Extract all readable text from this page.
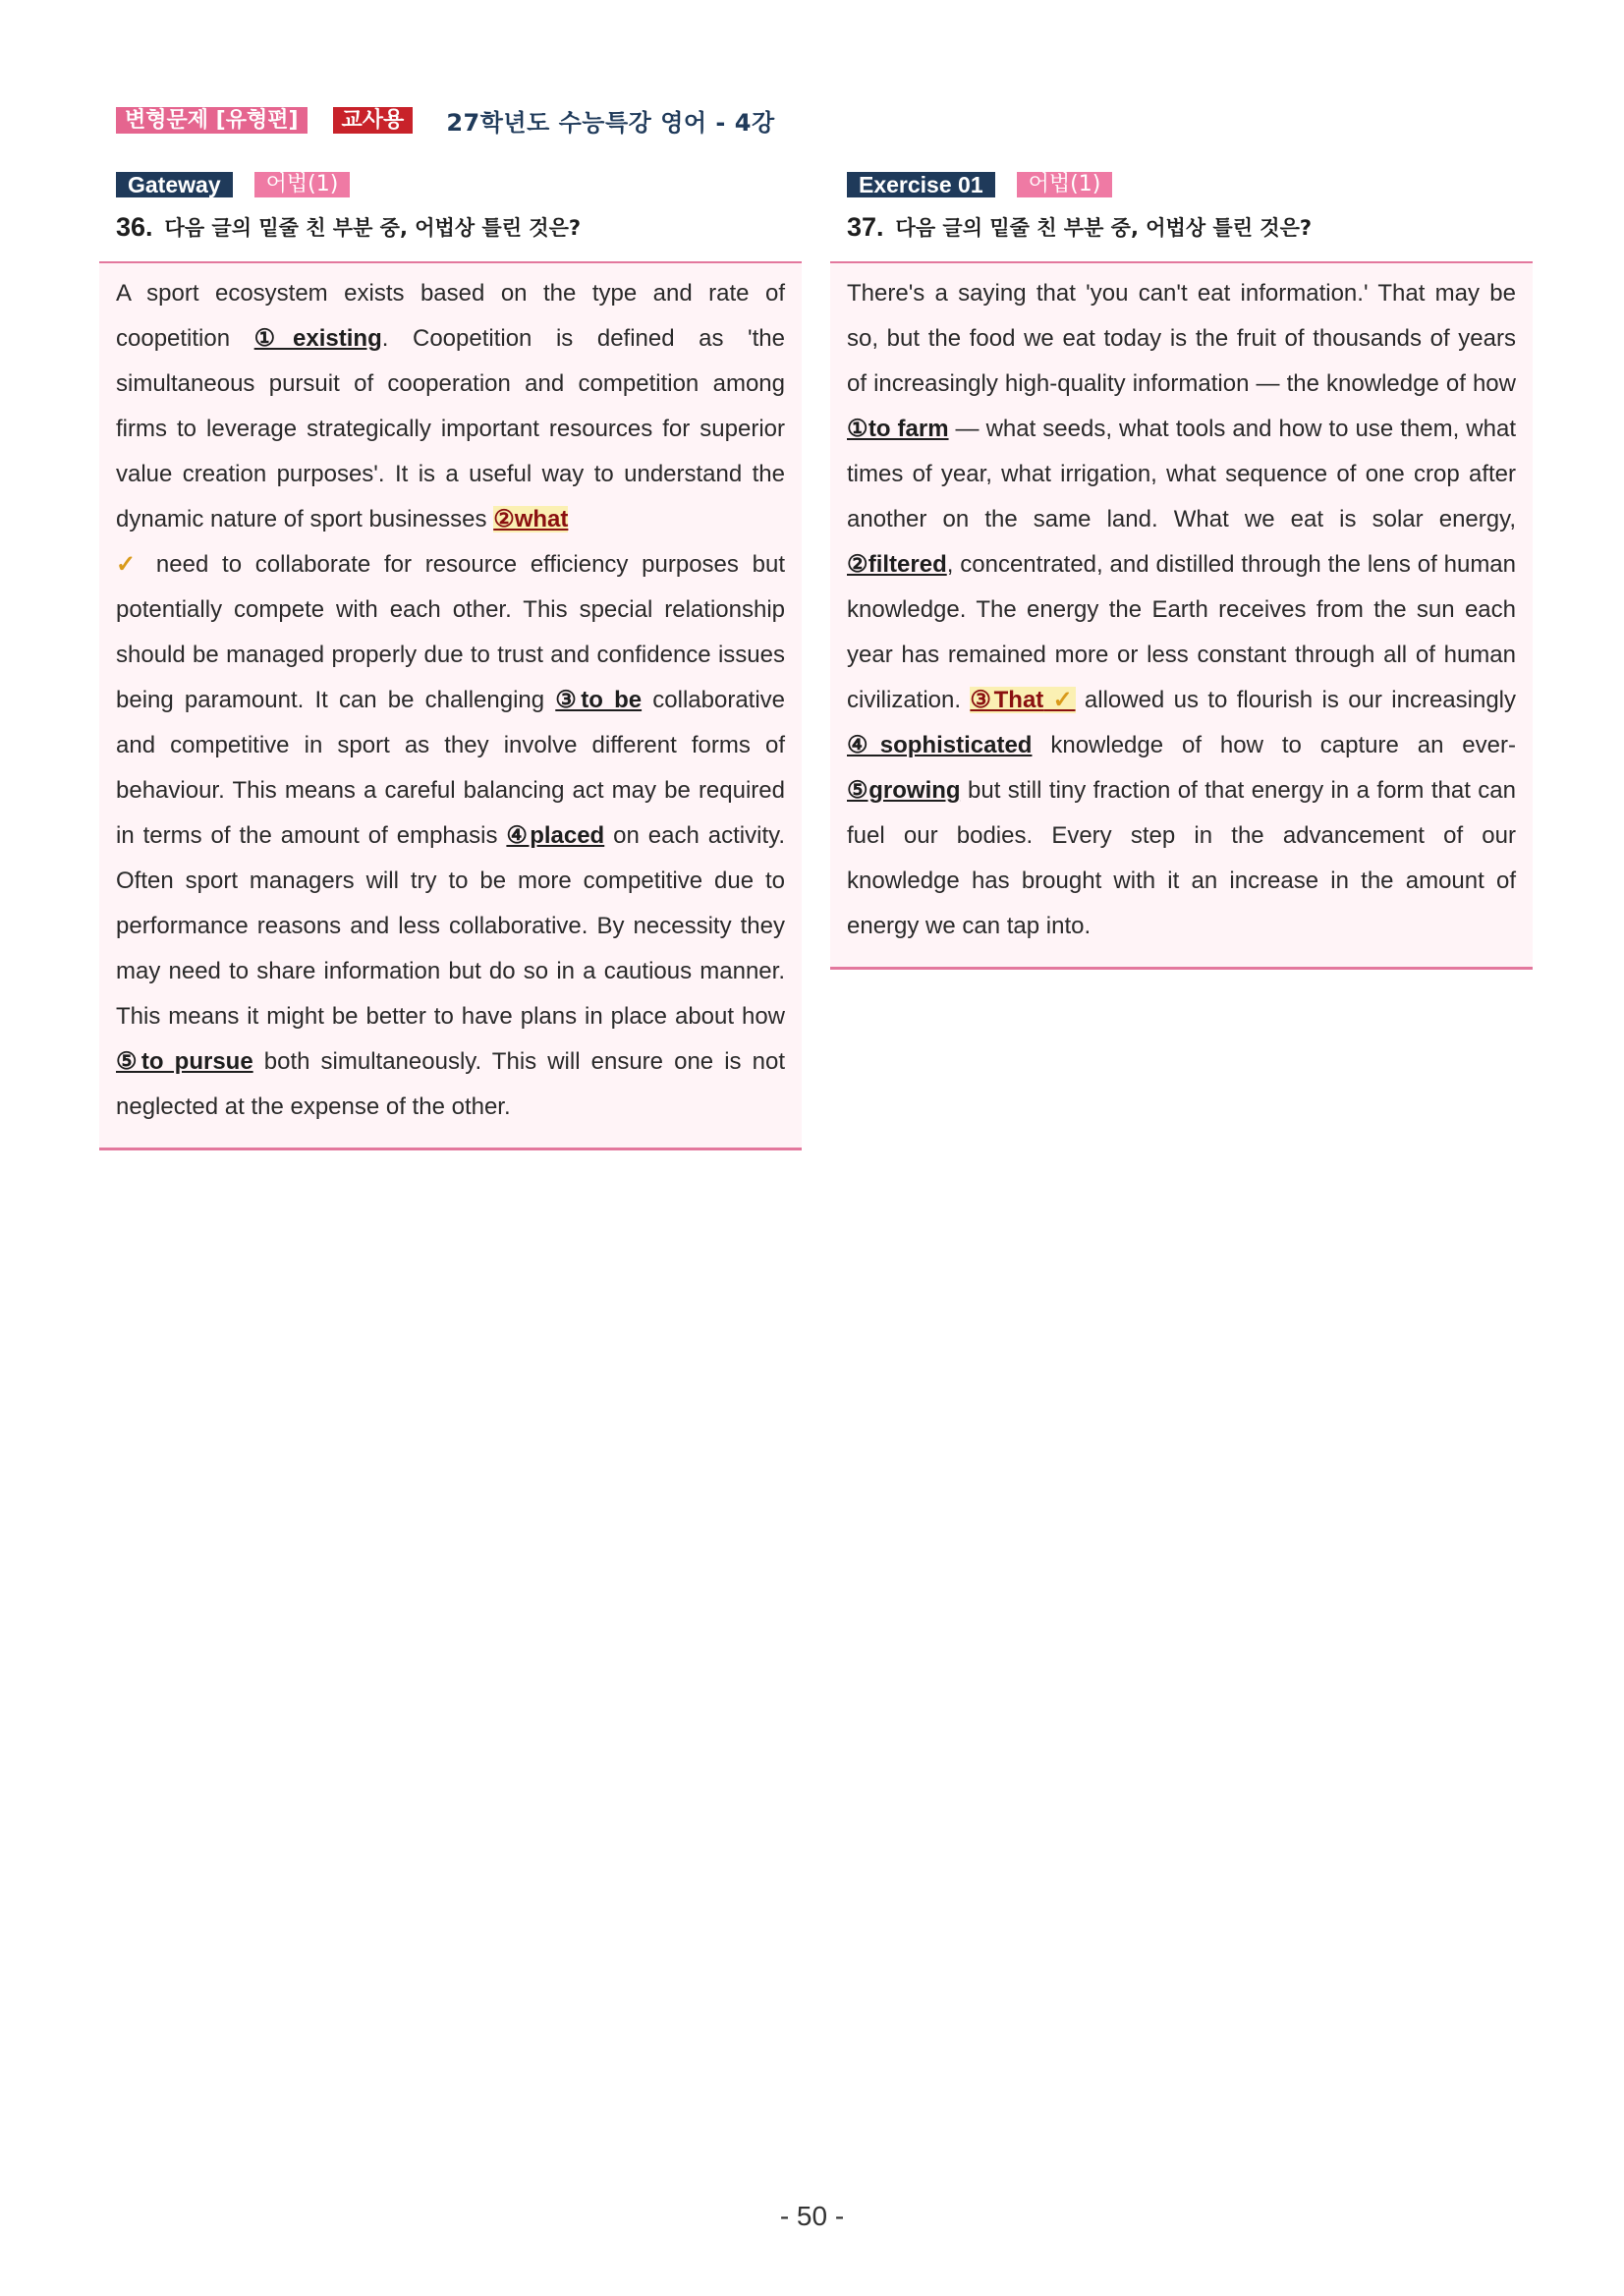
변형문제 [유형편]	교사용	27학년도 수능특강 영어 - 4강
Gateway	어법(1)
36. 다음 글의 밑줄 친 부분 중, 어법상 틀린 것은?
A sport ecosystem exists based on the type and rate of coopetition ①existing. Coopetition is defined as 'the simultaneous pursuit of cooperation and competition among firms to leverage strategically important resources for superior value creation purposes'. It is a useful way to understand the dynamic nature of sport businesses ②what
✓ need to collaborate for resource efficiency purposes but potentially compete with each other. This special relationship should be managed properly due to trust and confidence issues being paramount. It can be challenging ③to be collaborative and competitive in sport as they involve different forms of behaviour. This means a careful balancing act may be required in terms of the amount of emphasis ④placed on each activity. Often sport managers will try to be more competitive due to performance reasons and less collaborative. By necessity they may need to share information but do so in a cautious manner. This means it might be better to have plans in place about how ⑤to pursue both simultaneously. This will ensure one is not neglected at the expense of the other.
Exercise 01	어법(1)
37. 다음 글의 밑줄 친 부분 중, 어법상 틀린 것은?
There's a saying that 'you can't eat information.' That may be so, but the food we eat today is the fruit of thousands of years of increasingly high-quality information — the knowledge of how ①to farm — what seeds, what tools and how to use them, what times of year, what irrigation, what sequence of one crop after another on the same land. What we eat is solar energy, ②filtered, concentrated, and distilled through the lens of human knowledge. The energy the Earth receives from the sun each year has remained more or less constant through all of human civilization. ③That ✓ allowed us to flourish is our increasingly ④sophisticated knowledge of how to capture an ever-⑤growing but still tiny fraction of that energy in a form that can fuel our bodies. Every step in the advancement of our knowledge has brought with it an increase in the amount of energy we can tap into.
- 50 -
